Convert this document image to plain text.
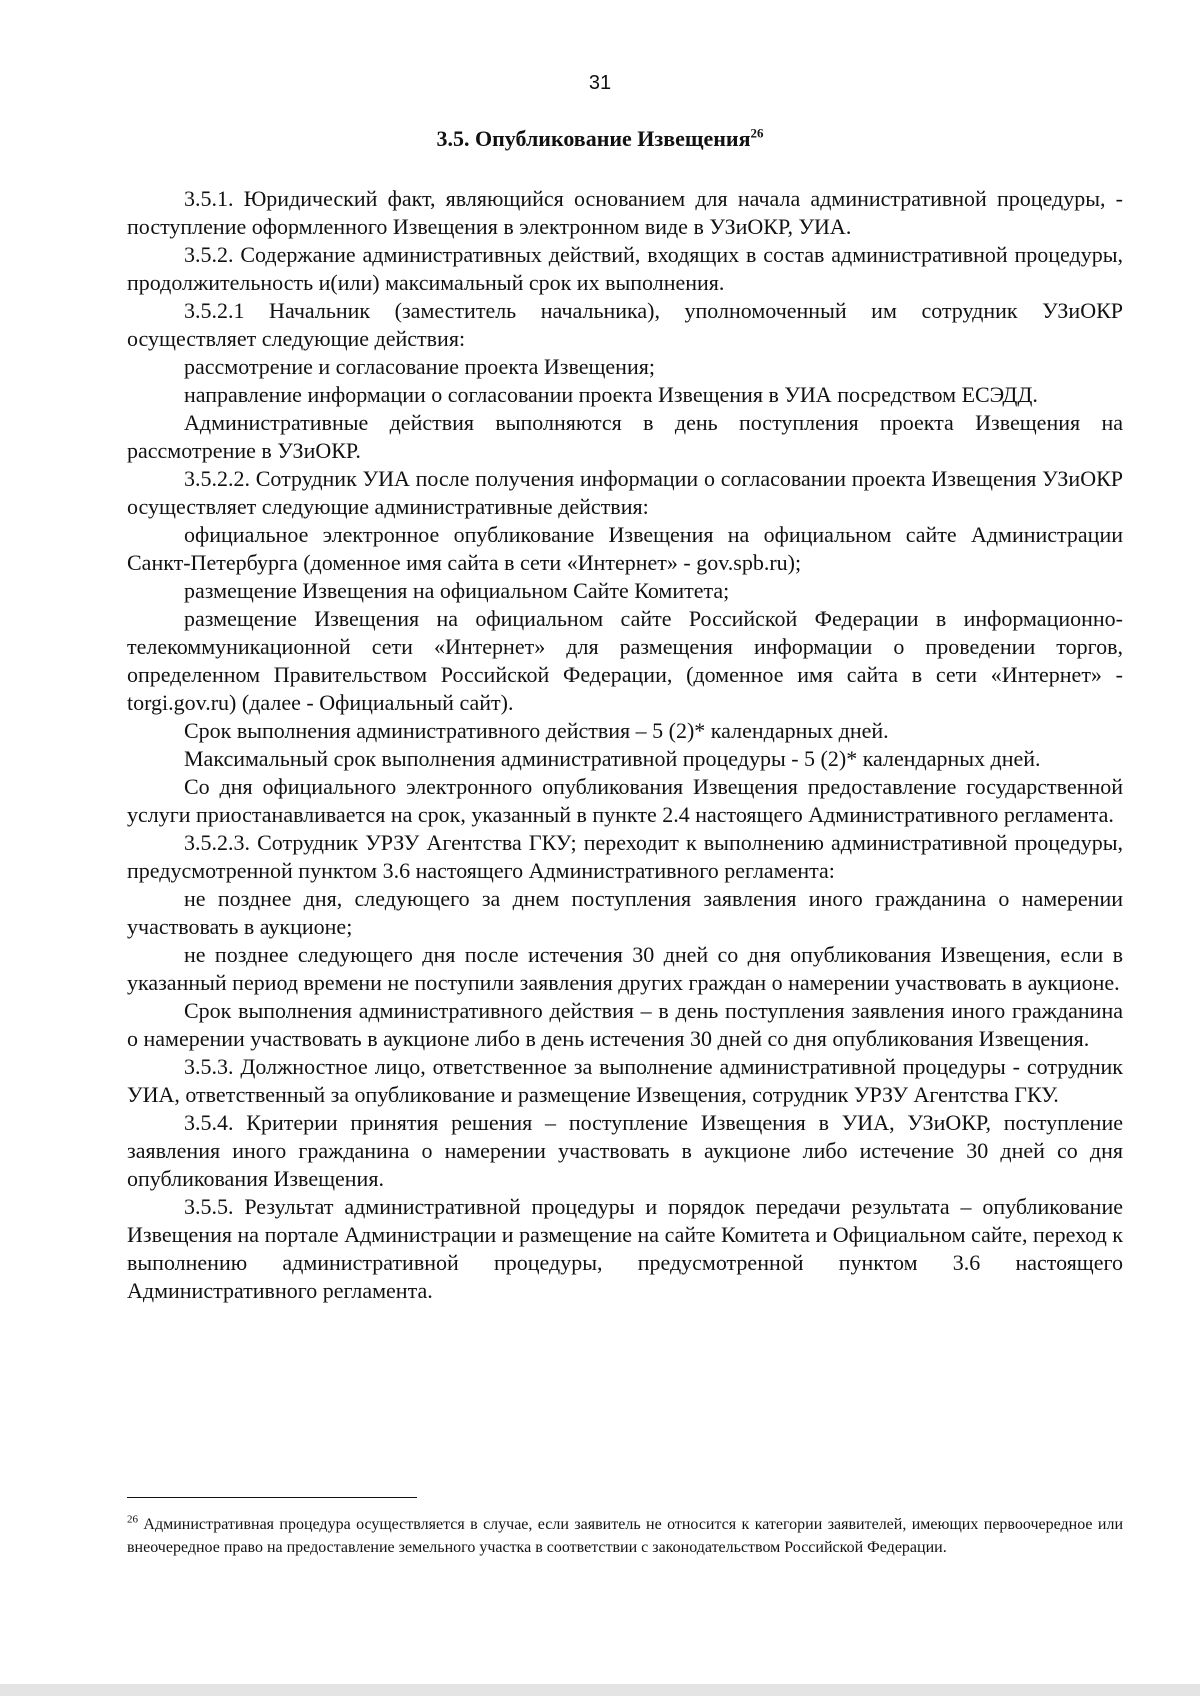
31
3.5. Опубликование Извещения$^{26}$

3.5.1. Юридический факт, являющийся основанием для начала административной процедуры, - поступление оформленного Извещения в электронном виде в УЗиОКР, УИА.

3.5.2. Содержание административных действий, входящих в состав административной процедуры, продолжительность и(или) максимальный срок их выполнения.

3.5.2.1 Начальник (заместитель начальника), уполномоченный им сотрудник УЗиОКР осуществляет следующие действия:

рассмотрение и согласование проекта Извещения;

направление информации о согласовании проекта Извещения в УИА посредством ЕСЭДД.

Административные действия выполняются в день поступления проекта Извещения на рассмотрение в УЗиОКР.

3.5.2.2. Сотрудник УИА после получения информации о согласовании проекта Извещения УЗиОКР осуществляет следующие административные действия:

официальное электронное опубликование Извещения на официальном сайте Администрации Санкт-Петербурга (доменное имя сайта в сети «Интернет» - gov.spb.ru);

размещение Извещения на официальном Сайте Комитета;

размещение Извещения на официальном сайте Российской Федерации в информационно-телекоммуникационной сети «Интернет» для размещения информации о проведении торгов, определенном Правительством Российской Федерации, (доменное имя сайта в сети «Интернет» - torgi.gov.ru) (далее - Официальный сайт).

Срок выполнения административного действия – 5 (2)* календарных дней.

Максимальный срок выполнения административной процедуры - 5 (2)* календарных дней.

Со дня официального электронного опубликования Извещения предоставление государственной услуги приостанавливается на срок, указанный в пункте 2.4 настоящего Административного регламента.

3.5.2.3. Сотрудник УРЗУ Агентства ГКУ; переходит к выполнению административной процедуры, предусмотренной пунктом 3.6 настоящего Административного регламента:

не позднее дня, следующего за днем поступления заявления иного гражданина о намерении участвовать в аукционе;

не позднее следующего дня после истечения 30 дней со дня опубликования Извещения, если в указанный период времени не поступили заявления других граждан о намерении участвовать в аукционе.

Срок выполнения административного действия – в день поступления заявления иного гражданина о намерении участвовать в аукционе либо в день истечения 30 дней со дня опубликования Извещения.

3.5.3. Должностное лицо, ответственное за выполнение административной процедуры - сотрудник УИА, ответственный за опубликование и размещение Извещения, сотрудник УРЗУ Агентства ГКУ.

3.5.4. Критерии принятия решения – поступление Извещения в УИА, УЗиОКР, поступление заявления иного гражданина о намерении участвовать в аукционе либо истечение 30 дней со дня опубликования Извещения.

3.5.5. Результат административной процедуры и порядок передачи результата – опубликование Извещения на портале Администрации и размещение на сайте Комитета и Официальном сайте, переход к выполнению административной процедуры, предусмотренной пунктом 3.6 настоящего Административного регламента.

$^{26}$ Административная процедура осуществляется в случае, если заявитель не относится к категории заявителей, имеющих первоочередное или внеочередное право на предоставление земельного участка в соответствии с законодательством Российской Федерации.
